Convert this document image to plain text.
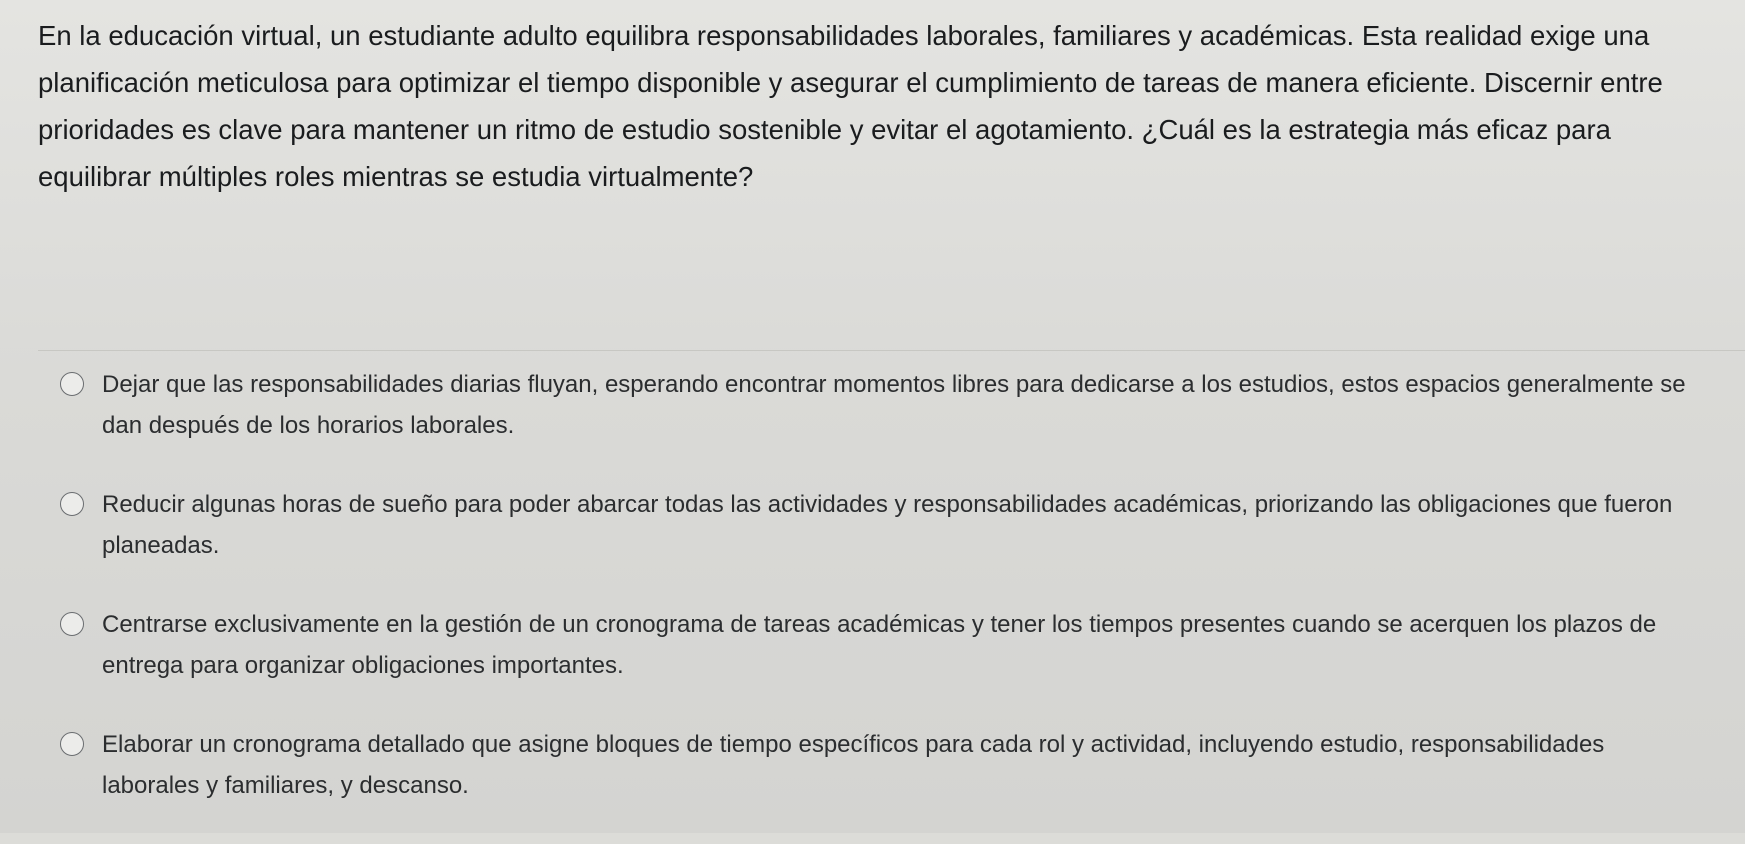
En la educación virtual, un estudiante adulto equilibra responsabilidades laborales, familiares y académicas. Esta realidad exige una planiﬁcación meticulosa para optimizar el tiempo disponible y asegurar el cumplimiento de tareas de manera eﬁciente. Discernir entre prioridades es clave para mantener un ritmo de estudio sostenible y evitar el agotamiento. ¿Cuál es la estrategia más eﬁcaz para equilibrar múltiples roles mientras se estudia virtualmente?

Dejar que las responsabilidades diarias fluyan, esperando encontrar momentos libres para dedicarse a los estudios, estos espacios generalmente se dan después de los horarios laborales.
Reducir algunas horas de sueño para poder abarcar todas las actividades y responsabilidades académicas, priorizando las obligaciones que fueron planeadas.
Centrarse exclusivamente en la gestión de un cronograma de tareas académicas y tener los tiempos presentes cuando se acerquen los plazos de entrega para organizar obligaciones importantes.
Elaborar un cronograma detallado que asigne bloques de tiempo especíﬁcos para cada rol y actividad, incluyendo estudio, responsabilidades laborales y familiares, y descanso.
